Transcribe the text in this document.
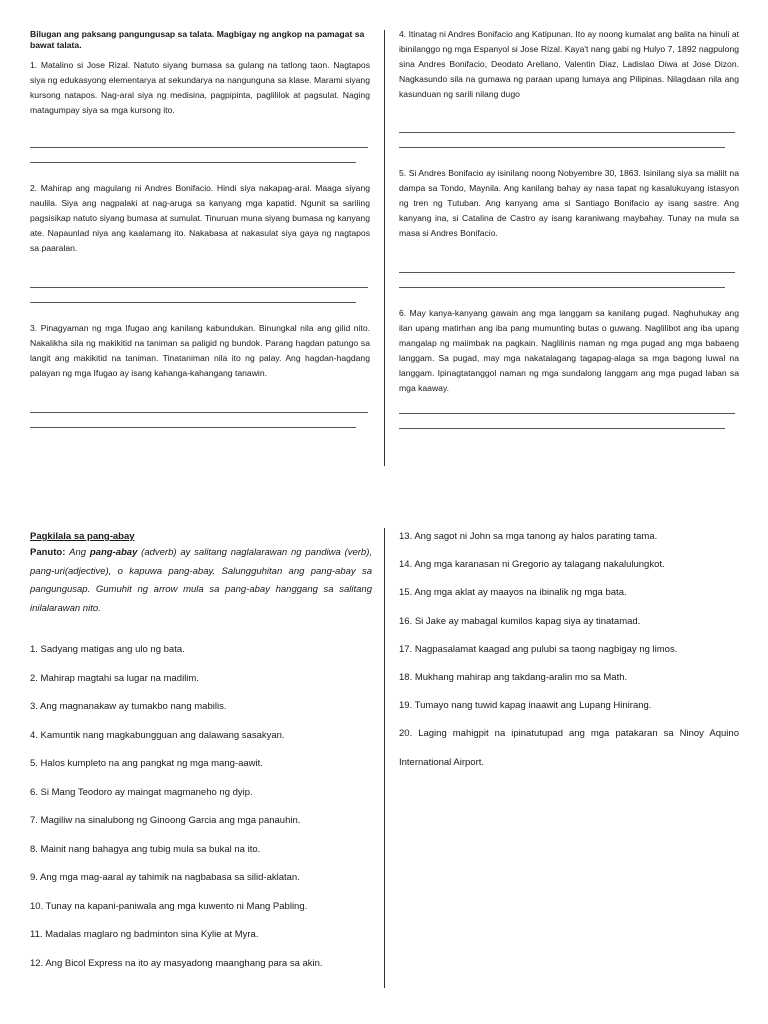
Bilugan ang paksang pangungusap sa talata. Magbigay ng angkop na pamagat sa bawat talata.

1. Matalino si Jose Rizal. Natuto siyang bumasa sa gulang na tatlong taon. Nagtapos siya ng edukasyong elementarya at sekundarya na nangunguna sa klase. Marami siyang kursong natapos. Nag-aral siya ng medisina, pagpipinta, paglililok at pagsulat. Naging matagumpay siya sa mga kursong ito.

2. Mahirap ang magulang ni Andres Bonifacio. Hindi siya nakapag-aral. Maaga siyang naulila. Siya ang nagpalaki at nag-aruga sa kanyang mga kapatid. Ngunit sa sariling pagsisikap natuto siyang bumasa at sumulat. Tinuruan muna siyang bumasa ng kanyang ate. Napaunlad niya ang kaalamang ito. Nakabasa at nakasulat siya gaya ng nagtapos sa paaralan.

3. Pinagyaman ng mga Ifugao ang kanilang kabundukan. Binungkal nila ang gilid nito. Nakalikha sila ng makikitid na taniman sa paligid ng bundok. Parang hagdan patungo sa langit ang makikitid na taniman. Tinataniman nila ito ng palay. Ang hagdan-hagdang palayan ng mga Ifugao ay isang kahanga-kahangang tanawin.

4. Itinatag ni Andres Bonifacio ang Katipunan. Ito ay noong kumalat ang balita na hinuli at ibinilanggo ng mga Espanyol si Jose Rizal. Kaya't nang gabi ng Hulyo 7, 1892 nagpulong sina Andres Bonifacio, Deodato Arellano, Valentin Diaz, Ladislao Diwa at Jose Dizon. Nagkasundo sila na gumawa ng paraan upang lumaya ang Pilipinas. Nilagdaan nila ang kasunduan ng sarili nilang dugo

5. Si Andres Bonifacio ay isinilang noong Nobyembre 30, 1863. Isinilang siya sa maliit na dampa sa Tondo, Maynila. Ang kanilang bahay ay nasa tapat ng kasalukuyang istasyon ng tren ng Tutuban. Ang kanyang ama si Santiago Bonifacio ay isang sastre. Ang kanyang ina, si Catalina de Castro ay isang karaniwang maybahay. Tunay na mula sa masa si Andres Bonifacio.

6. May kanya-kanyang gawain ang mga langgam sa kanilang pugad. Naghuhukay ang ilan upang matirhan ang iba pang mumunting butas o guwang. Naglilibot ang iba upang mangalap ng maiimbak na pagkain. Naglilinis naman ng mga pugad ang mga babaeng langgam. Sa pugad, may mga nakatalagang tagapag-alaga sa mga bagong luwal na langgam. Ipinagtatanggol naman ng mga sundalong langgam ang mga pugad laban sa mga kaaway.

Pagkilala sa pang-abay

Panuto: Ang pang-abay (adverb) ay salitang naglalarawan ng pandiwa (verb), pang-uri(adjective), o kapuwa pang-abay. Salungguhitan ang pang-abay sa pangungusap. Gumuhit ng arrow mula sa pang-abay hanggang sa salitang inilalarawan nito.

1. Sadyang matigas ang ulo ng bata.

2. Mahirap magtahi sa lugar na madilim.

3. Ang magnanakaw ay tumakbo nang mabilis.

4. Kamuntik nang magkabungguan ang dalawang sasakyan.

5. Halos kumpleto na ang pangkat ng mga mang-aawit.

6. Si Mang Teodoro ay maingat magmaneho ng dyip.

7. Magiliw na sinalubong ng Ginoong Garcia ang mga panauhin.

8. Mainit nang bahagya ang tubig mula sa bukal na ito.

9. Ang mga mag-aaral ay tahimik na nagbabasa sa silid-aklatan.

10. Tunay na kapani-paniwala ang mga kuwento ni Mang Pabling.

11. Madalas maglaro ng badminton sina Kylie at Myra.

12. Ang Bicol Express na ito ay masyadong maanghang para sa akin.

13. Ang sagot ni John sa mga tanong ay halos parating tama.

14. Ang mga karanasan ni Gregorio ay talagang nakalulungkot.

15. Ang mga aklat ay maayos na ibinalik ng mga bata.

16. Si Jake ay mabagal kumilos kapag siya ay tinatamad.

17. Nagpasalamat kaagad ang pulubi sa taong nagbigay ng limos.

18. Mukhang mahirap ang takdang-aralin mo sa Math.

19. Tumayo nang tuwid kapag inaawit ang Lupang Hinirang.

20. Laging mahigpit na ipinatutupad ang mga patakaran sa Ninoy Aquino International Airport.
